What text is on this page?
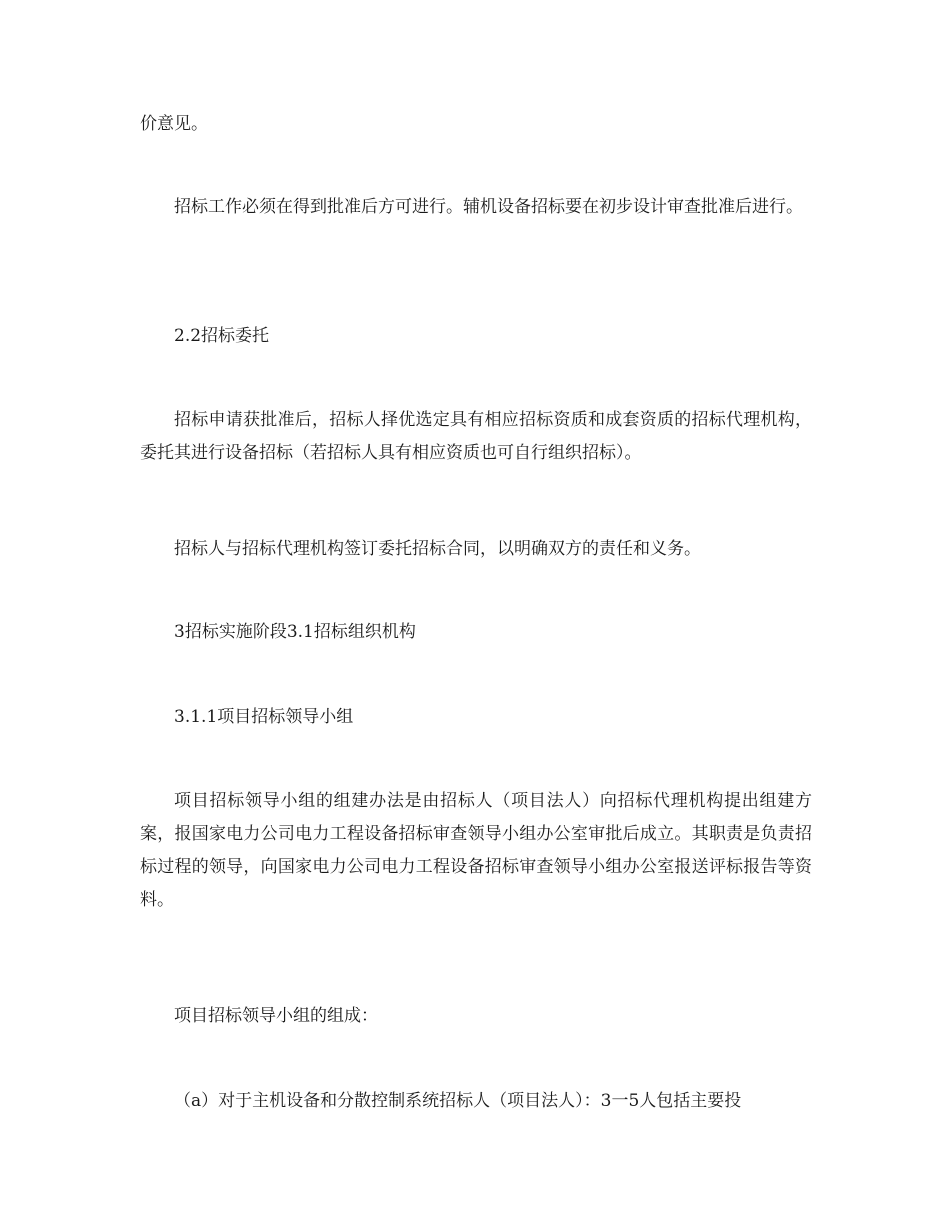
价意见。

招标工作必须在得到批准后方可进行。辅机设备招标要在初步设计审查批准后进行。

2.2招标委托

招标申请获批准后，招标人择优选定具有相应招标资质和成套资质的招标代理机构，委托其进行设备招标（若招标人具有相应资质也可自行组织招标）。

招标人与招标代理机构签订委托招标合同，以明确双方的责任和义务。

3招标实施阶段3.1招标组织机构

3.1.1项目招标领导小组

项目招标领导小组的组建办法是由招标人（项目法人）向招标代理机构提出组建方案，报国家电力公司电力工程设备招标审查领导小组办公室审批后成立。其职责是负责招标过程的领导，向国家电力公司电力工程设备招标审查领导小组办公室报送评标报告等资料。

项目招标领导小组的组成：

（a）对于主机设备和分散控制系统招标人（项目法人）：3一5人包括主要投
